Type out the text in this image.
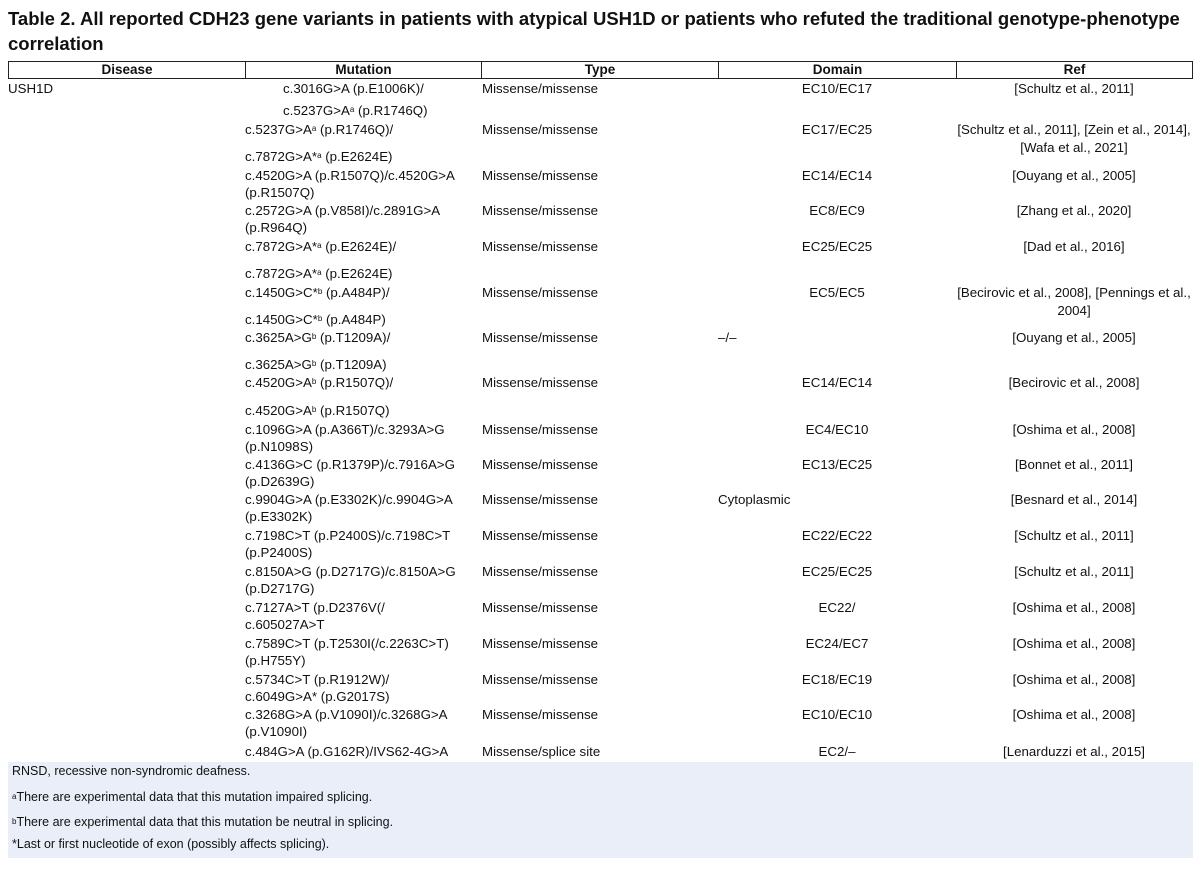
Table 2. All reported CDH23 gene variants in patients with atypical USH1D or patients who refuted the traditional genotype-phenotype correlation
Disease	Mutation	Type	Domain	Ref
USH1D	c.3016G>A (p.E1006K)/
$c.5237G>A^a$ (p.R1746Q)
Missense/missense	EC10/EC17	[Schultz et al., 2011]
$c.5237G>A^a$ (p.R1746Q)/
c.7872G>A*$^a$ (p.E2624E)
Missense/missense	EC17/EC25	[Schultz et al., 2011], [Zein et al., 2014], [Wafa et al., 2021]
c.4520G>A (p.R1507Q)/c.4520G>A
(p.R1507Q)
Missense/missense	EC14/EC14	[Ouyang et al., 2005]
c.2572G>A (p.V858I)/c.2891G>A
(p.R964Q)
Missense/missense	EC8/EC9	[Zhang et al., 2020]
c.7872G>A*$^a$ (p.E2624E)/
c.7872G>A*$^a$ (p.E2624E)
Missense/missense	EC25/EC25	[Dad et al., 2016]
c.1450G>C*$^b$ (p.A484P)/
c.1450G>C*$^b$ (p.A484P)
Missense/missense	EC5/EC5	[Becirovic et al., 2008], [Pennings et al., 2004]
$c.3625A>G^b$ (p.T1209A)/
$c.3625A>G^b$ (p.T1209A)
Missense/missense	–/–	[Ouyang et al., 2005]
$c.4520G>A^b$ (p.R1507Q)/
$c.4520G>A^b$ (p.R1507Q)
Missense/missense	EC14/EC14	[Becirovic et al., 2008]
c.1096G>A (p.A366T)/c.3293A>G
(p.N1098S)
Missense/missense	EC4/EC10	[Oshima et al., 2008]
c.4136G>C (p.R1379P)/c.7916A>G
(p.D2639G)
Missense/missense	EC13/EC25	[Bonnet et al., 2011]
c.9904G>A (p.E3302K)/c.9904G>A
(p.E3302K)
Missense/missense	Cytoplasmic	[Besnard et al., 2014]
c.7198C>T (p.P2400S)/c.7198C>T
(p.P2400S)
Missense/missense	EC22/EC22	[Schultz et al., 2011]
c.8150A>G (p.D2717G)/c.8150A>G
(p.D2717G)
Missense/missense	EC25/EC25	[Schultz et al., 2011]
c.7127A>T (p.D2376V(/
c.605027A>T
Missense/missense	EC22/	[Oshima et al., 2008]
c.7589C>T (p.T2530I(/c.2263C>T)
(p.H755Y)
Missense/missense	EC24/EC7	[Oshima et al., 2008]
c.5734C>T (p.R1912W)/
c.6049G>A* (p.G2017S)
Missense/missense	EC18/EC19	[Oshima et al., 2008]
c.3268G>A (p.V1090I)/c.3268G>A
(p.V1090I)
Missense/missense	EC10/EC10	[Oshima et al., 2008]
c.484G>A (p.G162R)/IVS62-4G>A	Missense/splice site	EC2/–	[Lenarduzzi et al., 2015]
RNSD, recessive non-syndromic deafness.
$^a$There are experimental data that this mutation impaired splicing.
$^b$There are experimental data that this mutation be neutral in splicing.
*Last or first nucleotide of exon (possibly affects splicing).
